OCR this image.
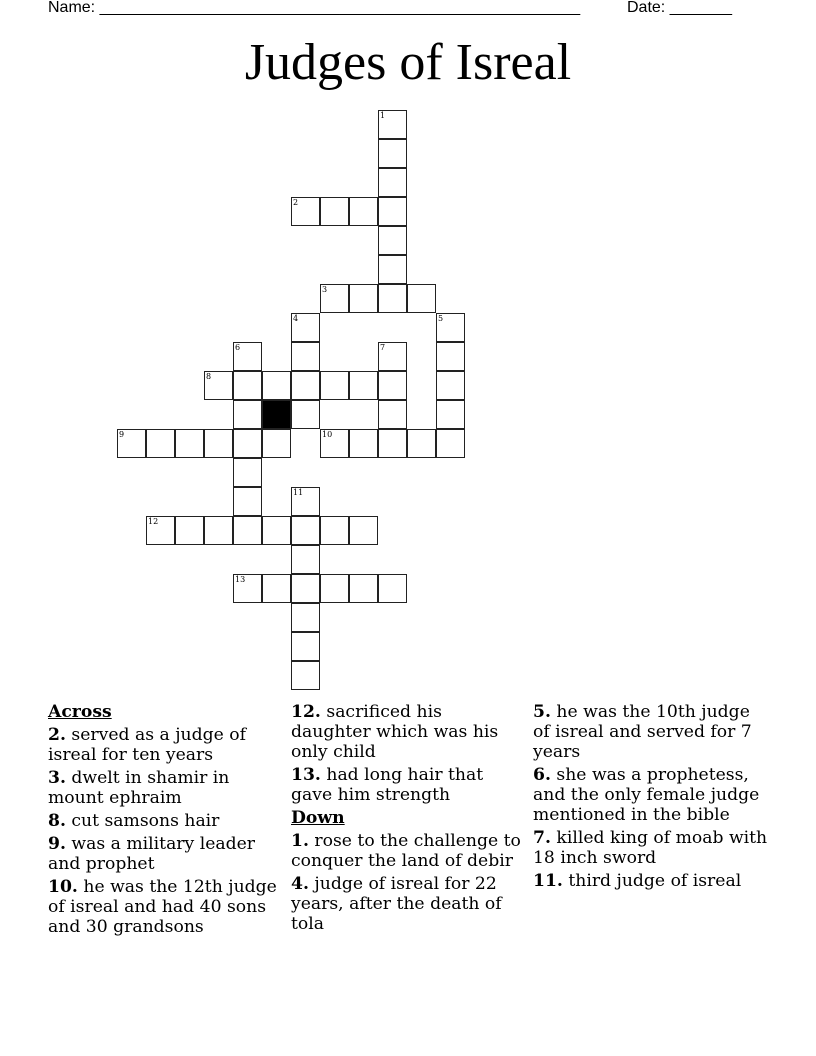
Name: ______________________________________________________	Date: _______
Judges of Isreal
1
2
3
4	5
6	7
8
9	10
11
12
13
Across
2. served as a judge of isreal for ten years
3. dwelt in shamir in mount ephraim
8. cut samsons hair
9. was a military leader and prophet
10. he was the 12th judge of isreal and had 40 sons and 30 grandsons
12. sacrificed his daughter which was his only child
13. had long hair that gave him strength
Down
1. rose to the challenge to conquer the land of debir
4. judge of isreal for 22 years, after the death of tola
5. he was the 10th judge of isreal and served for 7 years
6. she was a prophetess, and the only female judge mentioned in the bible
7. killed king of moab with 18 inch sword
11. third judge of isreal
